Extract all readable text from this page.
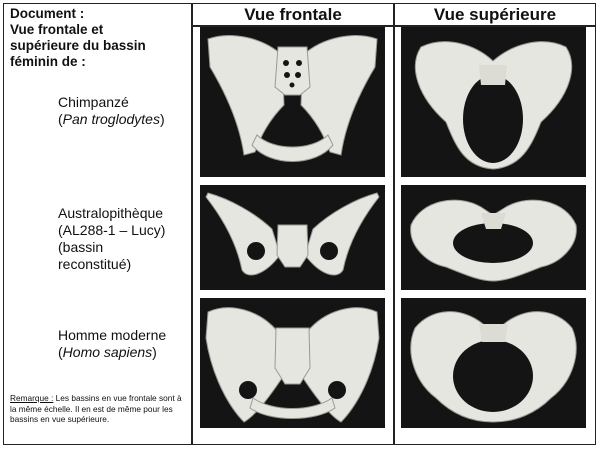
Document :
Vue frontale et
supérieure du bassin
féminin de :
Vue frontale	Vue supérieure
Chimpanzé
(Pan troglodytes)
Australopithèque
(AL288-1 – Lucy)
(bassin
reconstitué)
Homme moderne
(Homo sapiens)
Remarque : Les bassins en vue frontale sont à la même échelle. Il en est de même pour les bassins en vue supérieure.
